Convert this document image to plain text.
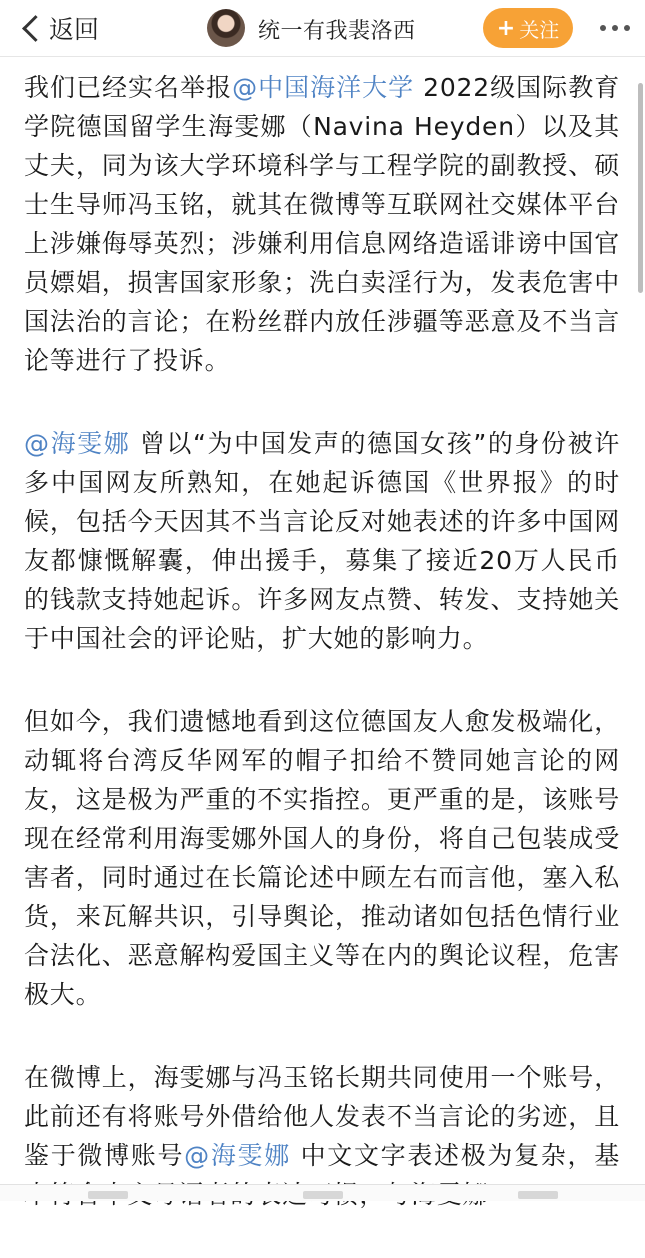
返回	统一有我裴洛西	+ 关注

我们已经实名举报@中国海洋大学 2022级国际教育学院德国留学生海雯娜（Navina Heyden）以及其丈夫，同为该大学环境科学与工程学院的副教授、硕士生导师冯玉铭，就其在微博等互联网社交媒体平台上涉嫌侮辱英烈；涉嫌利用信息网络造谣诽谤中国官员嫖娼，损害国家形象；洗白卖淫行为，发表危害中国法治的言论；在粉丝群内放任涉疆等恶意及不当言论等进行了投诉。

@海雯娜 曾以“为中国发声的德国女孩”的身份被许多中国网友所熟知，在她起诉德国《世界报》的时候，包括今天因其不当言论反对她表述的许多中国网友都慷慨解囊，伸出援手，募集了接近20万人民币的钱款支持她起诉。许多网友点赞、转发、支持她关于中国社会的评论贴，扩大她的影响力。

但如今，我们遗憾地看到这位德国友人愈发极端化，动辄将台湾反华网军的帽子扣给不赞同她言论的网友，这是极为严重的不实指控。更严重的是，该账号现在经常利用海雯娜外国人的身份，将自己包装成受害者，同时通过在长篇论述中顾左右而言他，塞入私货，来瓦解共识，引导舆论，推动诸如包括色情行业合法化、恶意解构爱国主义等在内的舆论议程，危害极大。

在微博上，海雯娜与冯玉铭长期共同使用一个账号，此前还有将账号外借给他人发表不当言论的劣迹，且鉴于微博账号@海雯娜 中文文字表述极为复杂，基
